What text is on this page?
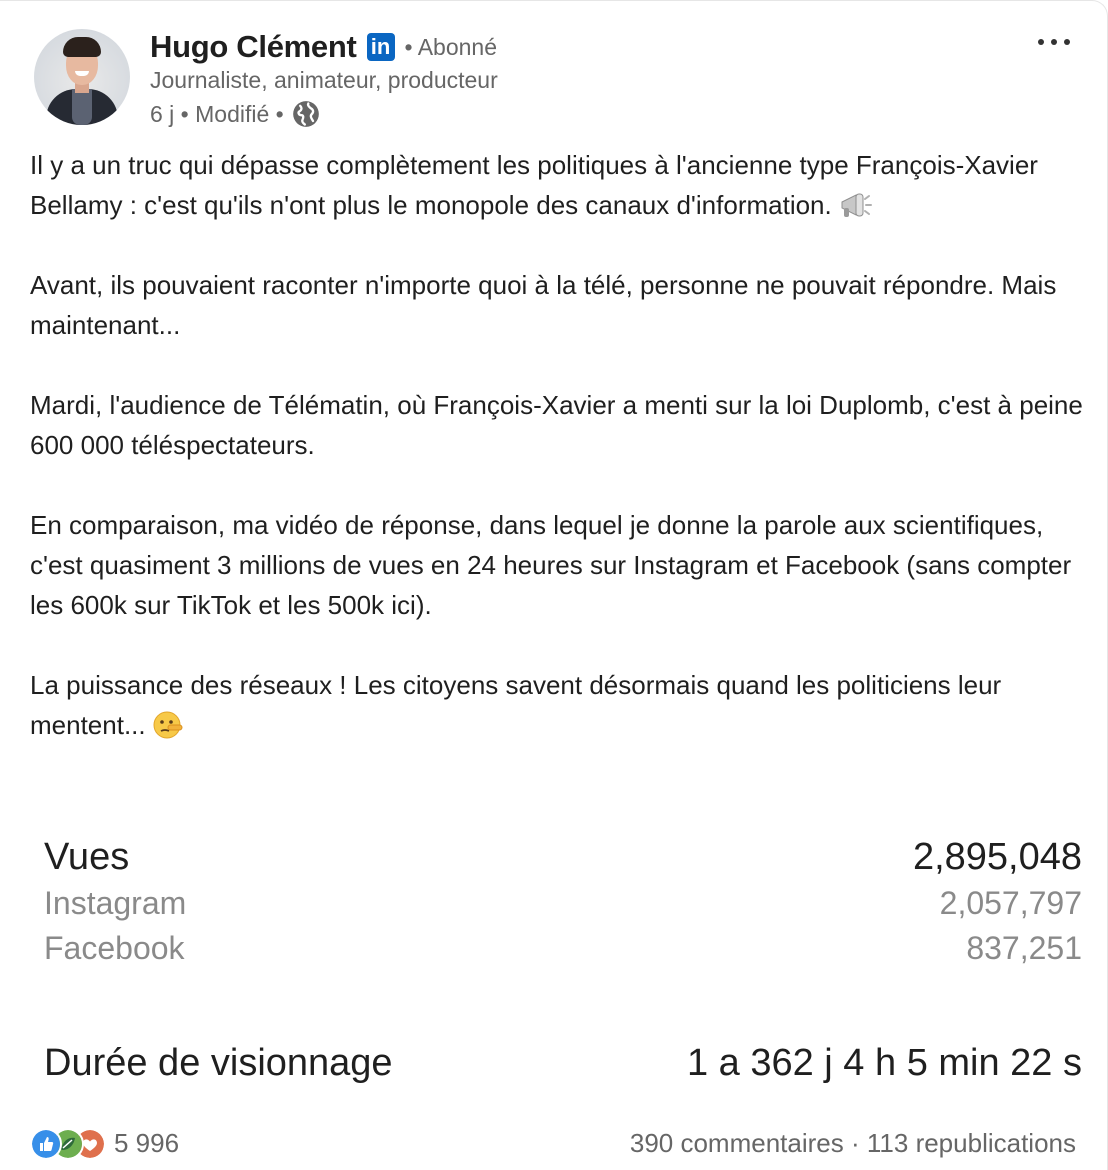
Hugo Clément in • Abonné
Journaliste, animateur, producteur
6 j • Modifié •

Il y a un truc qui dépasse complètement les politiques à l'ancienne type François-Xavier Bellamy : c'est qu'ils n'ont plus le monopole des canaux d'information.

Avant, ils pouvaient raconter n'importe quoi à la télé, personne ne pouvait répondre. Mais maintenant...

Mardi, l'audience de Télématin, où François-Xavier a menti sur la loi Duplomb, c'est à peine 600 000 téléspectateurs.

En comparaison, ma vidéo de réponse, dans lequel je donne la parole aux scientifiques, c'est quasiment 3 millions de vues en 24 heures sur Instagram et Facebook (sans compter les 600k sur TikTok et les 500k ici).

La puissance des réseaux ! Les citoyens savent désormais quand les politiciens leur mentent...

Vues	2,895,048
Instagram	2,057,797
Facebook	837,251
Durée de visionnage	1 a 362 j 4 h 5 min 22 s
5 996	390 commentaires · 113 republications
